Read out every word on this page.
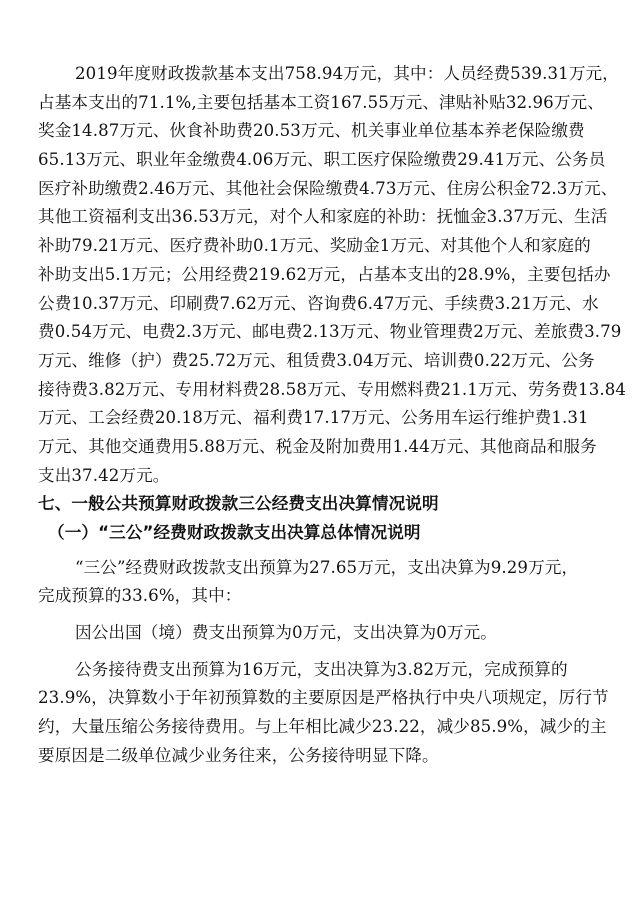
2019年度财政拨款基本支出758.94万元，其中：人员经费539.31万元，
占基本支出的71.1%,主要包括基本工资167.55万元、津贴补贴32.96万元、
奖金14.87万元、伙食补助费20.53万元、机关事业单位基本养老保险缴费
65.13万元、职业年金缴费4.06万元、职工医疗保险缴费29.41万元、公务员
医疗补助缴费2.46万元、其他社会保险缴费4.73万元、住房公积金72.3万元、
其他工资福利支出36.53万元，对个人和家庭的补助：抚恤金3.37万元、生活
补助79.21万元、医疗费补助0.1万元、奖励金1万元、对其他个人和家庭的
补助支出5.1万元；公用经费219.62万元，占基本支出的28.9%，主要包括办
公费10.37万元、印刷费7.62万元、咨询费6.47万元、手续费3.21万元、水
费0.54万元、电费2.3万元、邮电费2.13万元、物业管理费2万元、差旅费3.79
万元、维修（护）费25.72万元、租赁费3.04万元、培训费0.22万元、公务
接待费3.82万元、专用材料费28.58万元、专用燃料费21.1万元、劳务费13.84
万元、工会经费20.18万元、福利费17.17万元、公务用车运行维护费1.31
万元、其他交通费用5.88万元、税金及附加费用1.44万元、其他商品和服务
支出37.42万元。
七、一般公共预算财政拨款三公经费支出决算情况说明
（一）“三公”经费财政拨款支出决算总体情况说明
“三公”经费财政拨款支出预算为27.65万元，支出决算为9.29万元，
完成预算的33.6%，其中：
因公出国（境）费支出预算为0万元，支出决算为0万元。
公务接待费支出预算为16万元，支出决算为3.82万元，完成预算的
23.9%，决算数小于年初预算数的主要原因是严格执行中央八项规定，厉行节
约，大量压缩公务接待费用。与上年相比减少23.22，减少85.9%，减少的主
要原因是二级单位减少业务往来，公务接待明显下降。
